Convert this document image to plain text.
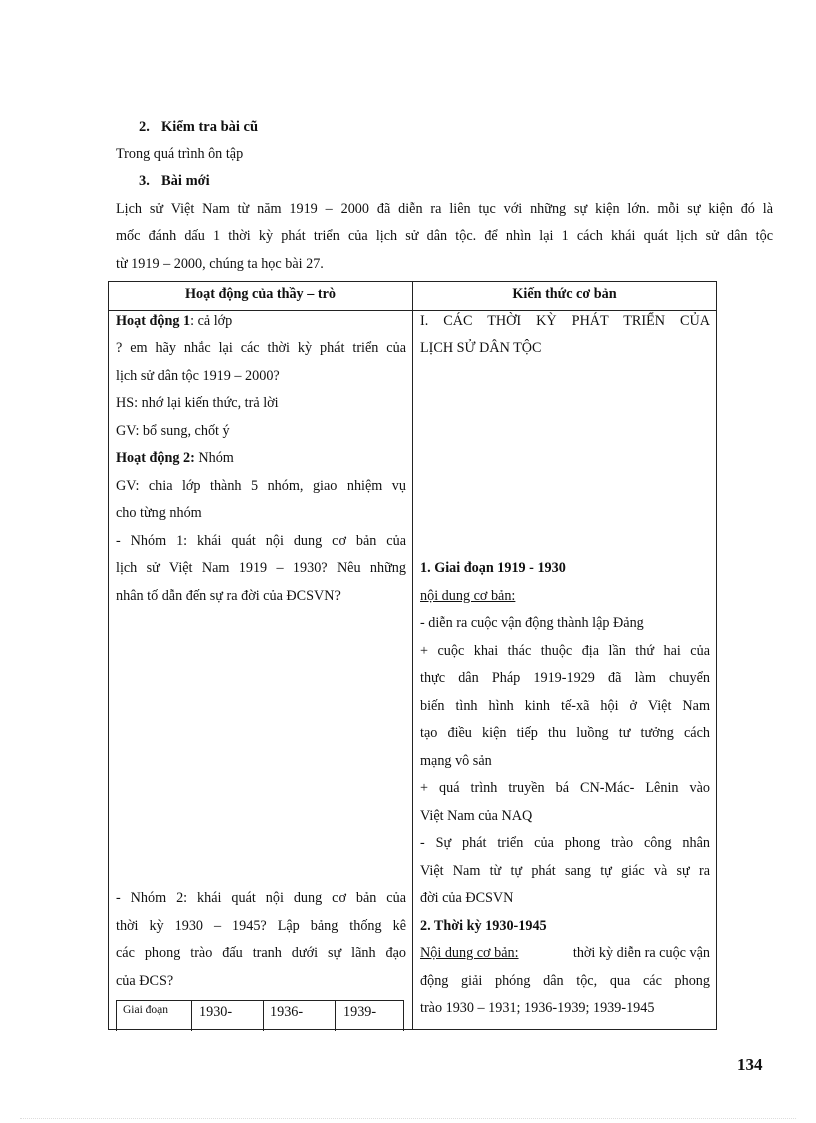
2. Kiểm tra bài cũ
Trong quá trình ôn tập
3. Bài mới
Lịch sử Việt Nam từ năm 1919 – 2000 đã diễn ra liên tục với những sự kiện lớn. mỗi sự kiện đó là
mốc đánh dấu 1 thời kỳ phát triển của lịch sử dân tộc. để nhìn lại 1 cách khái quát lịch sử dân tộc
từ 1919 – 2000, chúng ta học bài 27.
Hoạt động của thầy – trò	Kiến thức cơ bản
Hoạt động 1: cả lớp
? em hãy nhắc lại các thời kỳ phát triển của
lịch sử dân tộc 1919 – 2000?
HS: nhớ lại kiến thức, trả lời
GV: bổ sung, chốt ý
Hoạt động 2: Nhóm
GV: chia lớp thành 5 nhóm, giao nhiệm vụ
cho từng nhóm
- Nhóm 1: khái quát nội dung cơ bản của
lịch sử Việt Nam 1919 – 1930? Nêu những
nhân tố dẫn đến sự ra đời của ĐCSVN?
- Nhóm 2: khái quát nội dung cơ bản của
thời kỳ 1930 – 1945? Lập bảng thống kê
các phong trào đấu tranh dưới sự lãnh đạo
của ĐCS?
Giai đoạn 1930-	1936-	1939-
I. CÁC THỜI KỲ PHÁT TRIỂN CỦA
LỊCH SỬ DÂN TỘC
1. Giai đoạn 1919 - 1930
nội dung cơ bản:
- diễn ra cuộc vận động thành lập Đảng
+ cuộc khai thác thuộc địa lần thứ hai của
thực dân Pháp 1919-1929 đã làm chuyển
biến tình hình kinh tế-xã hội ở Việt Nam
tạo điều kiện tiếp thu luồng tư tưởng cách
mạng vô sản
+ quá trình truyền bá CN-Mác- Lênin vào
Việt Nam của NAQ
- Sự phát triển của phong trào công nhân
Việt Nam từ tự phát sang tự giác và sự ra
đời của ĐCSVN
2. Thời kỳ 1930-1945
Nội dung cơ bản:	thời kỳ diễn ra cuộc vận
động giải phóng dân tộc, qua các phong
trào 1930 – 1931; 1936-1939; 1939-1945
134
